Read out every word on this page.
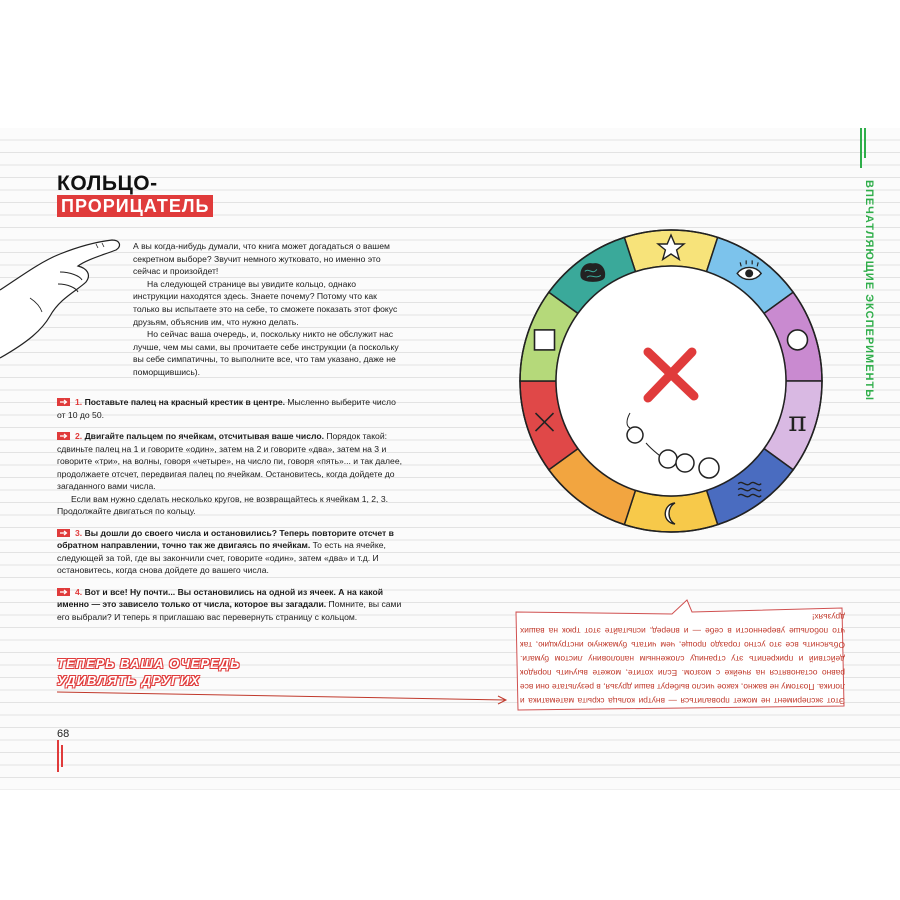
ВПЕЧАТЛЯЮЩИЕ ЭКСПЕРИМЕНТЫ
КОЛЬЦО-
ПРОРИЦАТЕЛЬ

А вы когда-нибудь думали, что книга может догадаться о вашем секретном выборе? Звучит немного жутковато, но именно это сейчас и произойдет!

На следующей странице вы увидите кольцо, однако инструкции находятся здесь. Знаете почему? Потому что как только вы испытаете это на себе, то сможете показать этот фокус друзьям, объяснив им, что нужно делать.

Но сейчас ваша очередь, и, поскольку никто не обслужит нас лучше, чем мы сами, вы прочитаете себе инструкции (а поскольку вы себе симпатичны, то выполните все, что там указано, даже не поморщившись).

1. Поставьте палец на красный крестик в центре. Мысленно выберите число от 10 до 50.

2. Двигайте пальцем по ячейкам, отсчитывая ваше число. Порядок такой: сдвиньте палец на 1 и говорите «один», затем на 2 и говорите «два», затем на 3 и говорите «три», на волны, говоря «четыре», на число пи, говоря «пять»... и так далее, продолжаете отсчет, передвигая палец по ячейкам. Остановитесь, когда дойдете до загаданного вами числа.

Если вам нужно сделать несколько кругов, не возвращайтесь к ячейкам 1, 2, 3. Продолжайте двигаться по кольцу.

3. Вы дошли до своего числа и остановились? Теперь повторите отсчет в обратном направлении, точно так же двигаясь по ячейкам. То есть на ячейке, следующей за той, где вы закончили счет, говорите «один», затем «два» и т.д. И остановитесь, когда снова дойдете до вашего числа.

4. Вот и все! Ну почти... Вы остановились на одной из ячеек. А на какой именно — это зависело только от числа, которое вы загадали. Помните, вы сами его выбрали? И теперь я приглашаю вас перевернуть страницу с кольцом.

ТЕПЕРЬ ВАША ОЧЕРЕДЬ
УДИВЛЯТЬ ДРУГИХ

Этот эксперимент не может провалиться — внутри кольца скрыта математика и логика. Поэтому не важно, какое число выберут ваши друзья, в результате они все равно остановятся на ячейке с мозгом. Если хотите, можете выучить порядок действий и прикрепить эту страницу сложенным наполовину листом бумаги. Объяснить все это устно гораздо проще, чем читать бумажную инструкцию, так что побольше уверенности в себе — и вперед, испытайте этот трюк на ваших друзьях!

68
π
